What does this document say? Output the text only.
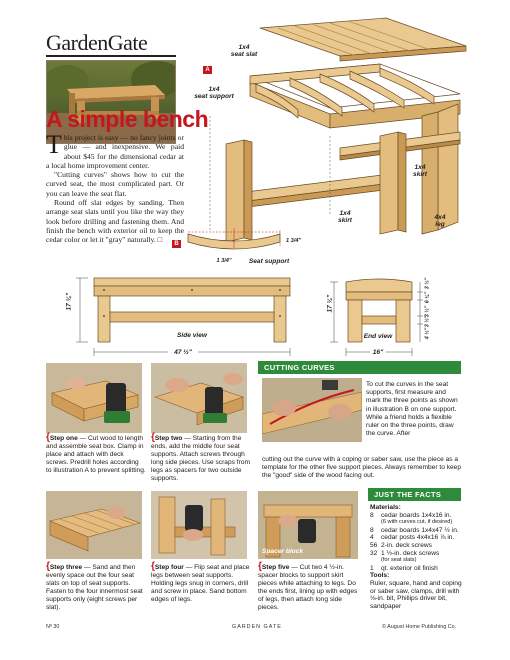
GardenGate
A simple bench

This project is easy — no fancy joints or glue — and inexpensive. We paid about $45 for the dimensional cedar at a local home improvement center.

"Cutting curves" shows how to cut the curved seat, the most complicated part. Or you can leave the seat flat.

Round off slat edges by sanding. Then arrange seat slats until you like the way they look before drilling and fastening them. And finish the bench with exterior oil to keep the cedar color or let it "gray" naturally. □

A
1x4
seat slat
1x4
seat support
1x4
skirt
1x4
skirt	4x4
leg
B	1 3/4"
1 3/4"	Seat support
17 ¼"
Side view
47 ½"
17 ¼"
End view
16"
3 ½"
6 ¼"
3 ½"
3 ½"
4 ½"
CUTTING CURVES
To cut the curves in the seat supports, first measure and mark the three points as shown in illustration B on one support. While a friend holds a flexible ruler on the three points, draw the curve. After
cutting out the curve with a coping or saber saw, use the piece as a template for the other five support pieces. Always remember to keep the "good" side of the wood facing out.
{Step one — Cut wood to length and assemble seat box. Clamp in place and attach with deck screws. Predrill holes according to illustration A to prevent splitting.
{Step two — Starting from the ends, add the middle four seat supports. Attach screws through long side pieces. Use scraps from legs as spacers for two outside supports.
Spacer block
JUST THE FACTS
Materials:
8	cedar boards 1x4x16 in.
(6 with curves cut, if desired)
8	cedar boards 1x4x47 ½ in.
4	cedar posts 4x4x16 ⅞ in.
56 2-in. deck screws
32 1 ½-in. deck screws
(for seat slats)
1	qt. exterior oil finish
Tools:
Ruler, square, hand and coping or saber saw, clamps, drill with ⅛-in. bit, Phillips driver bit, sandpaper
{Step three — Sand and then evenly space out the four seat slats on top of seat supports. Fasten to the four innermost seat supports only (eight screws per slat).
{Step four — Flip seat and place legs between seat supports. Holding legs snug in corners, drill and screw in place. Sand bottom edges of legs.
{Step five — Cut two 4 ½-in. spacer blocks to support skirt pieces while attaching to legs. Do the ends first, lining up with edges of legs, then attach long side pieces.
Nº 30	GARDEN GATE	© August Home Publishing Co.
